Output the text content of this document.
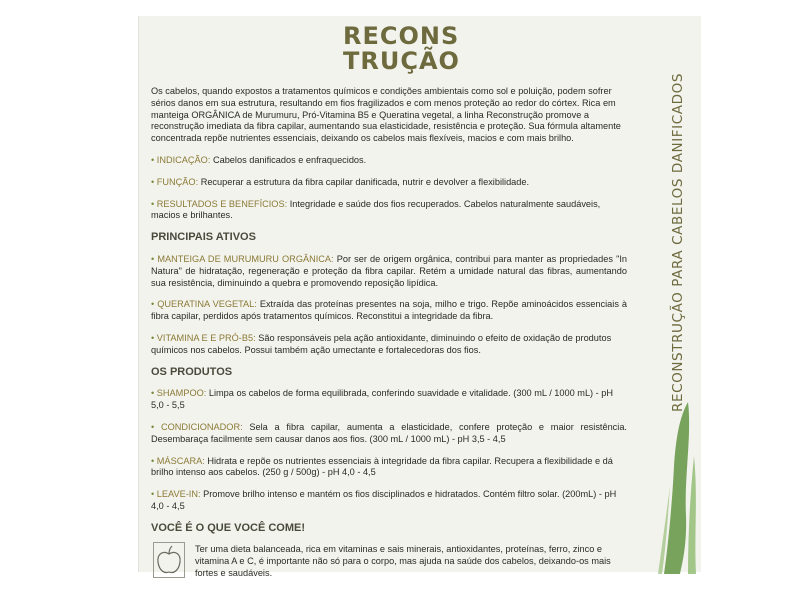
RECONS
TRUÇÃO
RECONSTRUÇÃO PARA CABELOS DANIFICADOS

Os cabelos, quando expostos a tratamentos químicos e condições ambientais como sol e poluição, podem sofrer sérios danos em sua estrutura, resultando em fios fragilizados e com menos proteção ao redor do córtex. Rica em manteiga ORGÂNICA de Murumuru, Pró-Vitamina B5 e Queratina vegetal, a linha Reconstrução promove a reconstrução imediata da fibra capilar, aumentando sua elasticidade, resistência e proteção. Sua fórmula altamente concentrada repõe nutrientes essenciais, deixando os cabelos mais flexíveis, macios e com mais brilho.

• INDICAÇÃO: Cabelos danificados e enfraquecidos.

• FUNÇÃO: Recuperar a estrutura da fibra capilar danificada, nutrir e devolver a flexibilidade.

• RESULTADOS E BENEFÍCIOS: Integridade e saúde dos fios recuperados. Cabelos naturalmente saudáveis, macios e brilhantes.

PRINCIPAIS ATIVOS

• MANTEIGA DE MURUMURU ORGÂNICA: Por ser de origem orgânica, contribui para manter as propriedades "In Natura" de hidratação, regeneração e proteção da fibra capilar. Retém a umidade natural das fibras, aumentando sua resistência, diminuindo a quebra e promovendo reposição lipídica.

• QUERATINA VEGETAL: Extraída das proteínas presentes na soja, milho e trigo. Repõe aminoácidos essenciais à fibra capilar, perdidos após tratamentos químicos. Reconstitui a integridade da fibra.

• VITAMINA E E PRÓ-B5: São responsáveis pela ação antioxidante, diminuindo o efeito de oxidação de produtos químicos nos cabelos. Possui também ação umectante e fortalecedoras dos fios.

OS PRODUTOS

• SHAMPOO: Limpa os cabelos de forma equilibrada, conferindo suavidade e vitalidade. (300 mL / 1000 mL) - pH 5,0 - 5,5

• CONDICIONADOR: Sela a fibra capilar, aumenta a elasticidade, confere proteção e maior resistência. Desembaraça facilmente sem causar danos aos fios. (300 mL / 1000 mL) - pH 3,5 - 4,5

• MÁSCARA: Hidrata e repõe os nutrientes essenciais à integridade da fibra capilar. Recupera a flexibilidade e dá brilho intenso aos cabelos. (250 g / 500g) - pH 4,0 - 4,5

• LEAVE-IN: Promove brilho intenso e mantém os fios disciplinados e hidratados. Contém filtro solar. (200mL) - pH 4,0 - 4,5

VOCÊ É O QUE VOCÊ COME!
Ter uma dieta balanceada, rica em vitaminas e sais minerais, antioxidantes, proteínas, ferro, zinco e vitamina A e C, é importante não só para o corpo, mas ajuda na saúde dos cabelos, deixando-os mais fortes e saudáveis.
